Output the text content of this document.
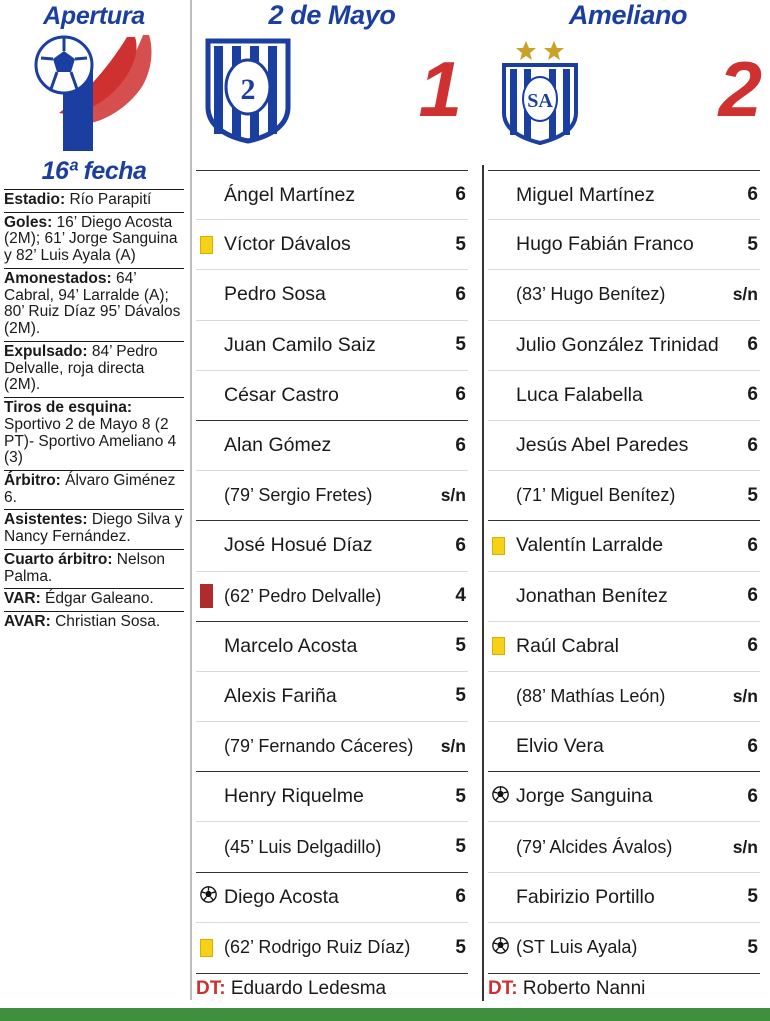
Apertura
16ª fecha
Estadio: Río Parapití
Goles: 16’ Diego Acosta (2M); 61’ Jorge Sanguina y 82’ Luis Ayala (A)
Amonestados: 64’ Cabral, 94’ Larralde (A); 80’ Ruiz Díaz 95’ Dávalos (2M).
Expulsado: 84’ Pedro Delvalle, roja directa (2M).
Tiros de esquina: Sportivo 2 de Mayo 8 (2 PT)- Sportivo Ameliano 4 (3)
Árbitro: Álvaro Giménez 6.
Asistentes: Diego Silva y Nancy Fernández.
Cuarto árbitro: Nelson Palma.
VAR: Édgar Galeano.
AVAR: Christian Sosa.
2 de Mayo
2 1
Ameliano
SA 2
Ángel Martínez	6
Víctor Dávalos	5
Pedro Sosa	6
Juan Camilo Saiz	5
César Castro	6
Alan Gómez	6
(79’ Sergio Fretes)	s/n
José Hosué Díaz	6
(62’ Pedro Delvalle)	4
Marcelo Acosta	5
Alexis Fariña	5
(79’ Fernando Cáceres)	s/n
Henry Riquelme	5
(45’ Luis Delgadillo)	5
Diego Acosta	6
(62’ Rodrigo Ruiz Díaz)	5
Miguel Martínez	6
Hugo Fabián Franco	5
(83’ Hugo Benítez)	s/n
Julio González Trinidad	6
Luca Falabella	6
Jesús Abel Paredes	6
(71’ Miguel Benítez)	5
Valentín Larralde	6
Jonathan Benítez	6
Raúl Cabral	6
(88’ Mathías León)	s/n
Elvio Vera	6
Jorge Sanguina	6
(79’ Alcides Ávalos)	s/n
Fabirizio Portillo	5
(ST Luis Ayala)	5
DT: Eduardo Ledesma	DT: Roberto Nanni
